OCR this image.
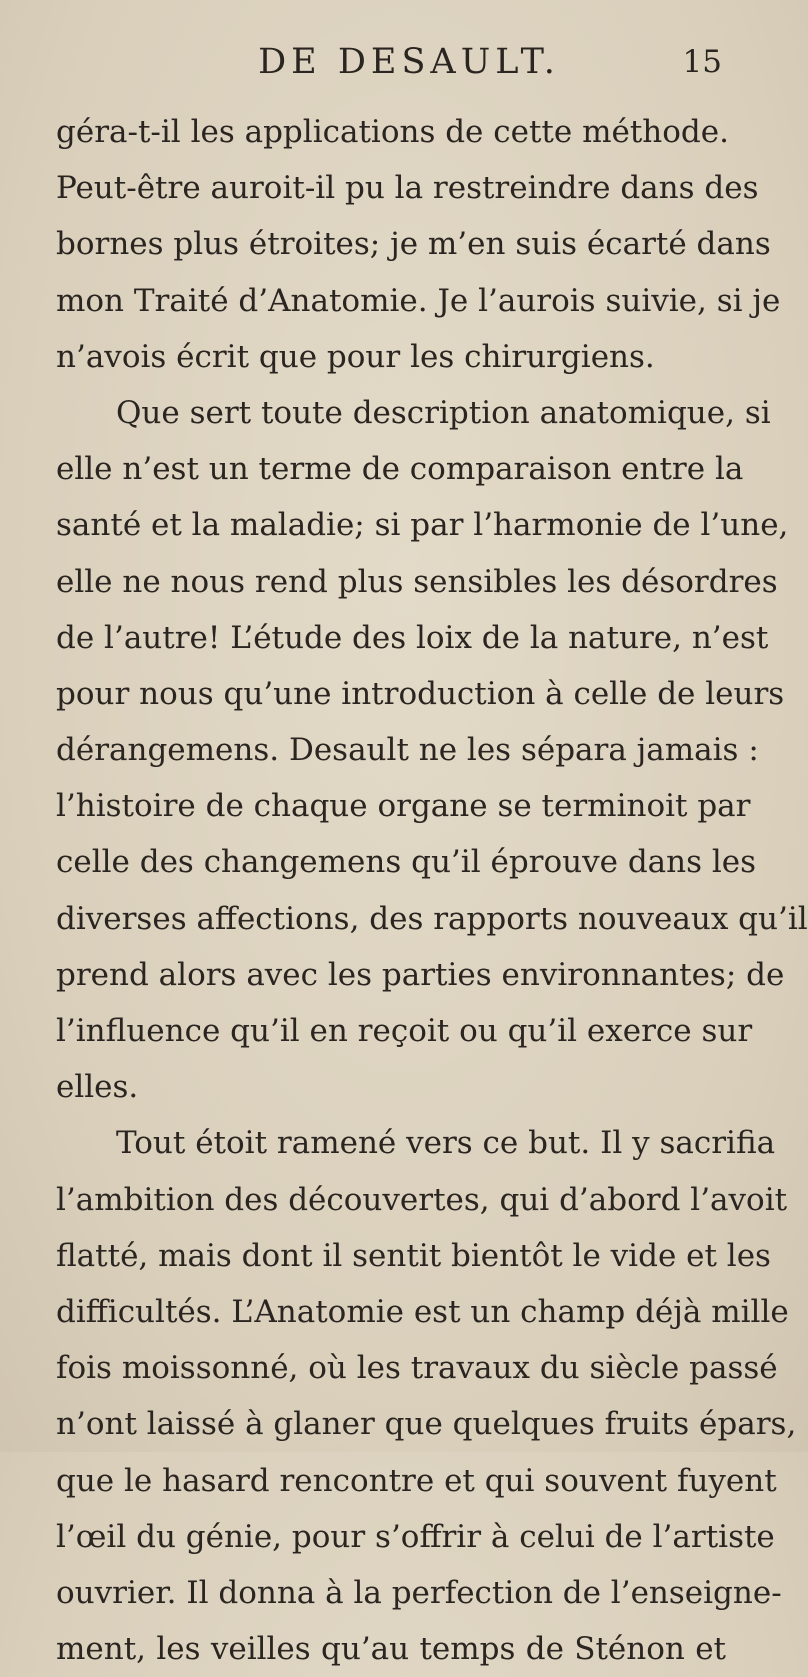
DE DESAULT.	15
géra-t-il les applications de cette méthode.
Peut-être auroit-il pu la restreindre dans des
bornes plus étroites; je m’en suis écarté dans
mon Traité d’Anatomie. Je l’aurois suivie, si je
n’avois écrit que pour les chirurgiens.
Que sert toute description anatomique, si
elle n’est un terme de comparaison entre la
santé et la maladie; si par l’harmonie de l’une,
elle ne nous rend plus sensibles les désordres
de l’autre! L’étude des loix de la nature, n’est
pour nous qu’une introduction à celle de leurs
dérangemens. Desault ne les sépara jamais :
l’histoire de chaque organe se terminoit par
celle des changemens qu’il éprouve dans les
diverses affections, des rapports nouveaux qu’il
prend alors avec les parties environnantes; de
l’influence qu’il en reçoit ou qu’il exerce sur
elles.
Tout étoit ramené vers ce but. Il y sacrifia
l’ambition des découvertes, qui d’abord l’avoit
flatté, mais dont il sentit bientôt le vide et les
difficultés. L’Anatomie est un champ déjà mille
fois moissonné, où les travaux du siècle passé
n’ont laissé à glaner que quelques fruits épars,
que le hasard rencontre et qui souvent fuyent
l’œil du génie, pour s’offrir à celui de l’artiste
ouvrier. Il donna à la perfection de l’enseigne-
ment, les veilles qu’au temps de Sténon et
